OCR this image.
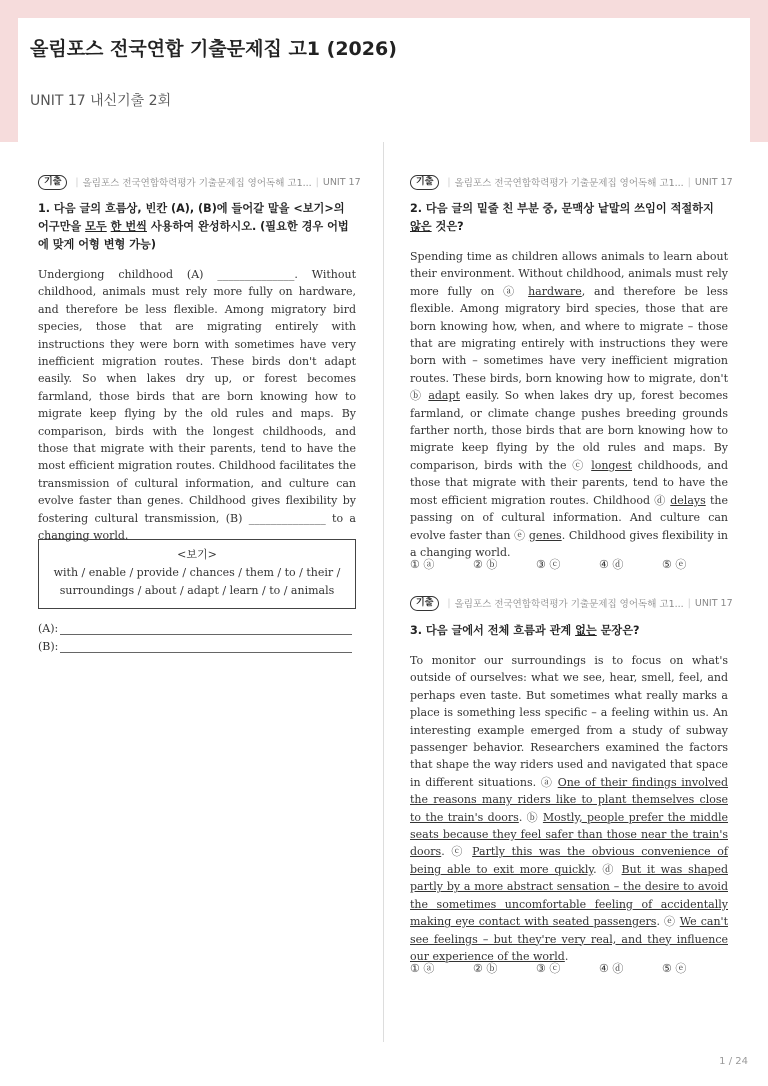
올림포스 전국연합 기출문제집 고1 (2026)
UNIT 17 내신기출 2회
기출	| 올림포스 전국연합학력평가 기출문제집 영어독해 고1... | UNIT 17
1. 다음 글의 흐름상, 빈칸 (A), (B)에 들어갈 말을 <보기>의 어구만을 모두 한 번씩 사용하여 완성하시오. (필요한 경우 어법에 맞게 어형 변형 가능)
Undergiong childhood (A) ______________. Without childhood, animals must rely more fully on hardware, and therefore be less flexible. Among migratory bird species, those that are migrating entirely with instructions they were born with sometimes have very inefficient migration routes. These birds don't adapt easily. So when lakes dry up, or forest becomes farmland, those birds that are born knowing how to migrate keep flying by the old rules and maps. By comparison, birds with the longest childhoods, and those that migrate with their parents, tend to have the most efficient migration routes. Childhood facilitates the transmission of cultural information, and culture can evolve faster than genes. Childhood gives flexibility by fostering cultural transmission, (B) ______________ to a changing world.
<보기>
with / enable / provide / chances / them / to / their / surroundings / about / adapt / learn / to / animals
(A):
(B):
기출	| 올림포스 전국연합학력평가 기출문제집 영어독해 고1... | UNIT 17
2. 다음 글의 밑줄 친 부분 중, 문맥상 낱말의 쓰임이 적절하지 않은 것은?
Spending time as children allows animals to learn about their environment. Without childhood, animals must rely more fully on ⓐ hardware, and therefore be less flexible. Among migratory bird species, those that are born knowing how, when, and where to migrate – those that are migrating entirely with instructions they were born with – sometimes have very inefficient migration routes. These birds, born knowing how to migrate, don't ⓑ adapt easily. So when lakes dry up, forest becomes farmland, or climate change pushes breeding grounds farther north, those birds that are born knowing how to migrate keep flying by the old rules and maps. By comparison, birds with the ⓒ longest childhoods, and those that migrate with their parents, tend to have the most efficient migration routes. Childhood ⓓ delays the passing on of cultural information. And culture can evolve faster than ⓔ genes. Childhood gives flexibility in a changing world.
① ⓐ	② ⓑ	③ ⓒ	④ ⓓ	⑤ ⓔ
기출	| 올림포스 전국연합학력평가 기출문제집 영어독해 고1... | UNIT 17
3. 다음 글에서 전체 흐름과 관계 없는 문장은?
To monitor our surroundings is to focus on what's outside of ourselves: what we see, hear, smell, feel, and perhaps even taste. But sometimes what really marks a place is something less specific – a feeling within us. An interesting example emerged from a study of subway passenger behavior. Researchers examined the factors that shape the way riders used and navigated that space in different situations. ⓐ One of their findings involved the reasons many riders like to plant themselves close to the train's doors. ⓑ Mostly, people prefer the middle seats because they feel safer than those near the train's doors. ⓒ Partly this was the obvious convenience of being able to exit more quickly. ⓓ But it was shaped partly by a more abstract sensation – the desire to avoid the sometimes uncomfortable feeling of accidentally making eye contact with seated passengers. ⓔ We can't see feelings – but they're very real, and they influence our experience of the world.
① ⓐ	② ⓑ	③ ⓒ	④ ⓓ	⑤ ⓔ
1 / 24
